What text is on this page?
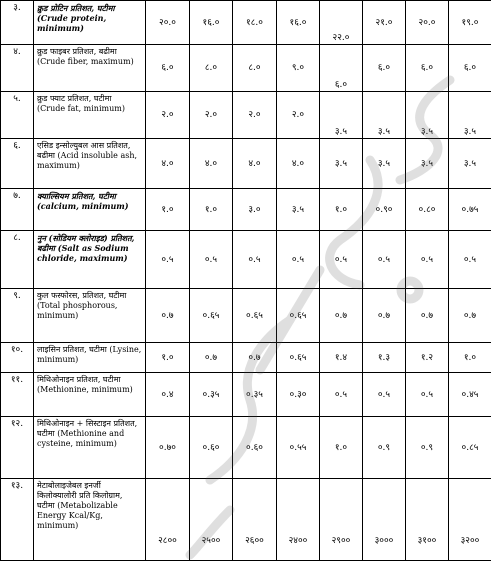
३.	क्रुड प्रोटिन प्रतिशत, घटीमा (Crude protein, minimum)	२०.०	१६.०	१८.०	१६.०	२२.०	२१.०	२०.०	१९.०
४.	क्रुड फाइबर प्रतिशत, बढीमा (Crude fiber, maximum)	६.०	८.०	८.०	९.०	६.०	६.०	६.०	६.०
५.	क्रुड फ्याट प्रतिशत, घटीमा (Crude fat, minimum)	२.०	२.०	२.०	२.०	३.५	३.५	३.५	३.५
६.	एसिड इन्सोल्युबल आस प्रतिशत, बढीमा (Acid insoluble ash, maximum)	४.०	४.०	४.०	४.०	३.५	३.५	३.५	३.५
७.	क्याल्सियम प्रतिशत, घटीमा (calcium, minimum)	१.०	१.०	३.०	३.५	१.०	०.९०	०.८०	०.७५
८.	नुन (सोडियम क्लोराइड) प्रतिशत, बढीमा (Salt as Sodium chloride, maximum)	०.५	०.५	०.५	०.५	०.५	०.५	०.५	०.५
९.	कुल फस्फोरस, प्रतिशत, घटीमा (Total phosphorous, minimum)	०.७	०.६५	०.६५	०.६५	०.७	०.७	०.७	०.७
१०.	लाइसिन प्रतिशत, घटीमा (Lysine, minimum)	१.०	०.७	०.७	०.६५	१.४	१.३	१.२	१.०
११.	मिथिओनाइन प्रतिशत, घटीमा (Methionine, minimum)	०.४	०.३५	०.३५	०.३०	०.५	०.५	०.५	०.४५
१२.	मिथिओनाइन + सिस्टाइन प्रतिशत, घटीमा (Methionine and cysteine, minimum)	०.७०	०.६०	०.६०	०.५५	१.०	०.९	०.९	०.८५
१३.	मेटाबोलाइजेबल इनर्जी किलोक्यालोरी प्रति किलोग्राम, घटीमा (Metabolizable Energy Kcal/Kg, minimum)	२८००	२५००	२६००	२४००	२९००	३०००	३१००	३२००
